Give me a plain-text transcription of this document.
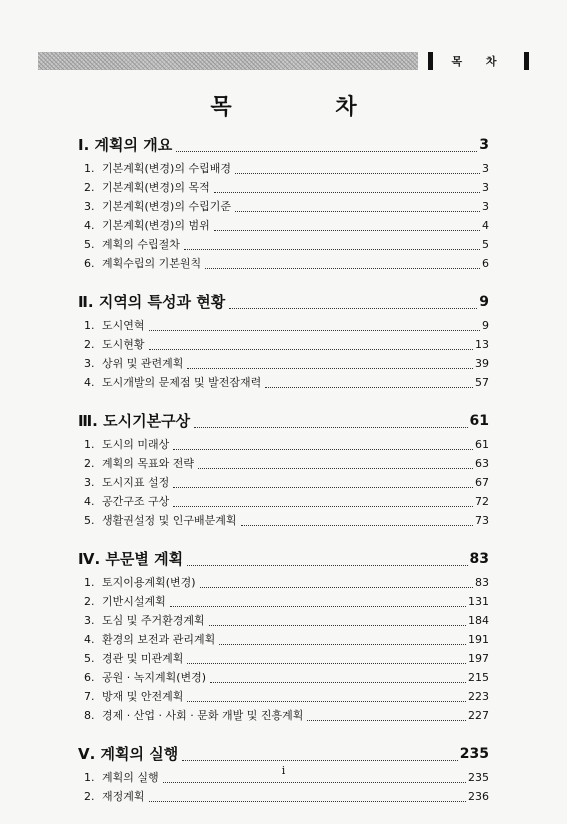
목 차
목 차
Ⅰ. 계획의 개요	3
1. 기본계획(변경)의 수립배경	3
2. 기본계획(변경)의 목적	3
3. 기본계획(변경)의 수립기준	3
4. 기본계획(변경)의 범위	4
5. 계획의 수립절차	5
6. 계획수립의 기본원칙	6
Ⅱ. 지역의 특성과 현황	9
1. 도시연혁	9
2. 도시현황	13
3. 상위 및 관련계획	39
4. 도시개발의 문제점 및 발전잠재력	57
Ⅲ. 도시기본구상	61
1. 도시의 미래상	61
2. 계획의 목표와 전략	63
3. 도시지표 설정	67
4. 공간구조 구상	72
5. 생활권설정 및 인구배분계획	73
Ⅳ. 부문별 계획	83
1. 토지이용계획(변경)	83
2. 기반시설계획	131
3. 도심 및 주거환경계획	184
4. 환경의 보전과 관리계획	191
5. 경관 및 미관계획	197
6. 공원 · 녹지계획(변경)	215
7. 방재 및 안전계획	223
8. 경제 · 산업 · 사회 · 문화 개발 및 진흥계획	227
Ⅴ. 계획의 실행	235
1. 계획의 실행	235
2. 재정계획	236
i
